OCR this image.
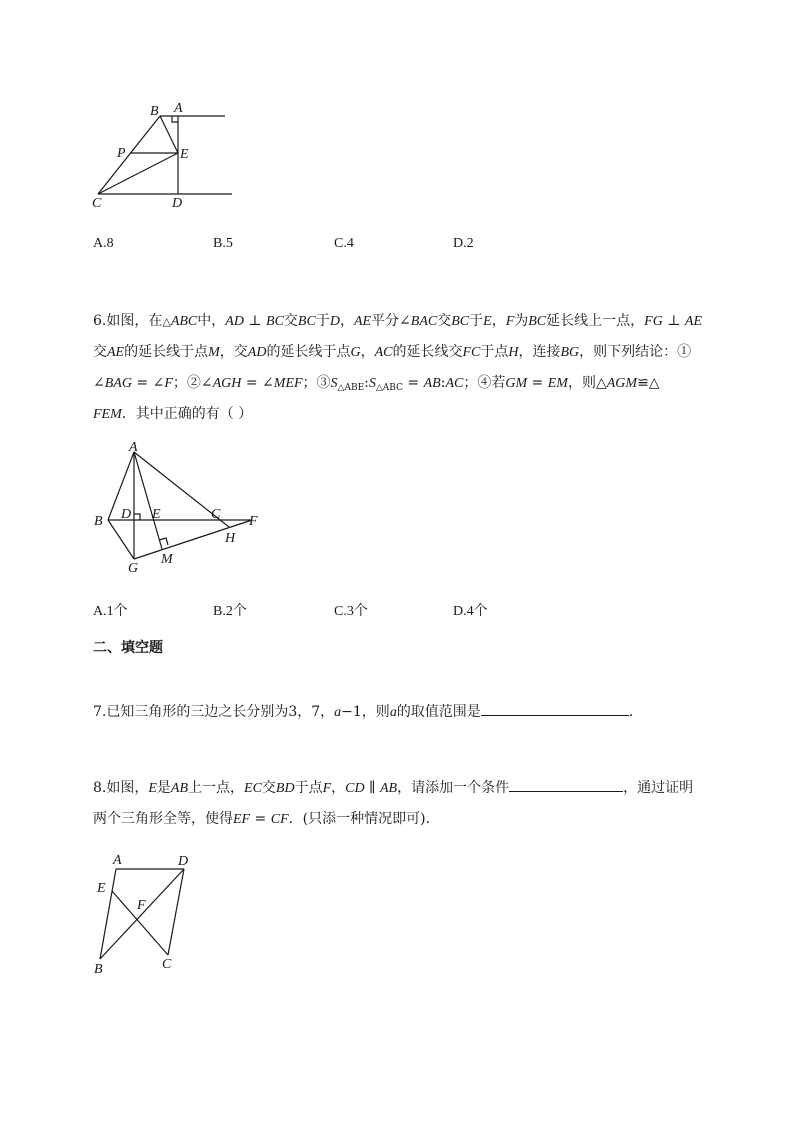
A
B
P	E
C	D
A.8	B.5	C.4	D.2
6.如图，在△ABC中，AD ⊥ BC交BC于D，AE平分∠BAC交BC于E，F为BC延长线上一点，FG ⊥ AE
交AE的延长线于点M，交AD的延长线于点G，AC的延长线交FC于点H，连接BG，则下列结论：①
∠BAG = ∠F；②∠AGH = ∠MEF；$③S_{\triangle ABE}:S_{\triangle ABC}$ = AB:AC；④若GM = EM，则△AGM≌△
FEM．其中正确的有（ ）
A
B D E	C F
H
M
G
A.1个	B.2个	C.3个	D.4个
二、填空题
7.已知三角形的三边之长分别为3，7，a−1，则a的取值范围是	．
8.如图，E是AB上一点，EC交BD于点F，CD ∥ AB，请添加一个条件	，通过证明
两个三角形全等，使得EF = CF．(只添一种情况即可)．
A	D
E
F
B	C
